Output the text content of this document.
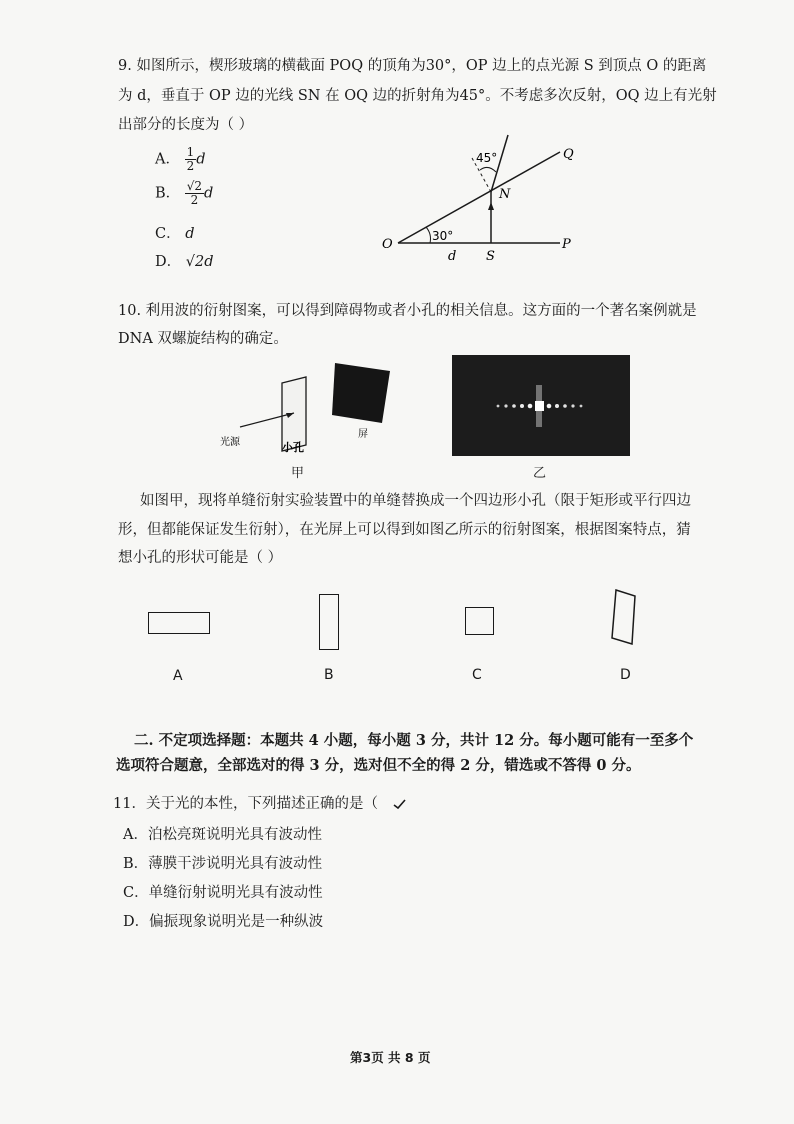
9. 如图所示，楔形玻璃的横截面 POQ 的顶角为30°，OP 边上的点光源 S 到顶点 O 的距离
为 d，垂直于 OP 边的光线 SN 在 OQ 边的折射角为45°。不考虑多次反射，OQ 边上有光射
出部分的长度为（ ）
A． $\frac{1}{2}$ d
B． $\frac{√2}{2}$ d
C． d
D． √2d
45°
30°
Q
N
O
S
P
d
10. 利用波的衍射图案，可以得到障碍物或者小孔的相关信息。这方面的一个著名案例就是
DNA 双螺旋结构的确定。
光源	小孔
屏
甲	乙
如图甲，现将单缝衍射实验装置中的单缝替换成一个四边形小孔（限于矩形或平行四边
形，但都能保证发生衍射），在光屏上可以得到如图乙所示的衍射图案，根据图案特点，猜
想小孔的形状可能是（ ）
A	B	C	D
二. 不定项选择题：本题共 4 小题，每小题 3 分，共计 12 分。每小题可能有一至多个
选项符合题意，全部选对的得 3 分，选对但不全的得 2 分，错选或不答得 0 分。
11．关于光的本性，下列描述正确的是（
A．泊松亮斑说明光具有波动性
B．薄膜干涉说明光具有波动性
C．单缝衍射说明光具有波动性
D．偏振现象说明光是一种纵波
第3页 共 8 页
